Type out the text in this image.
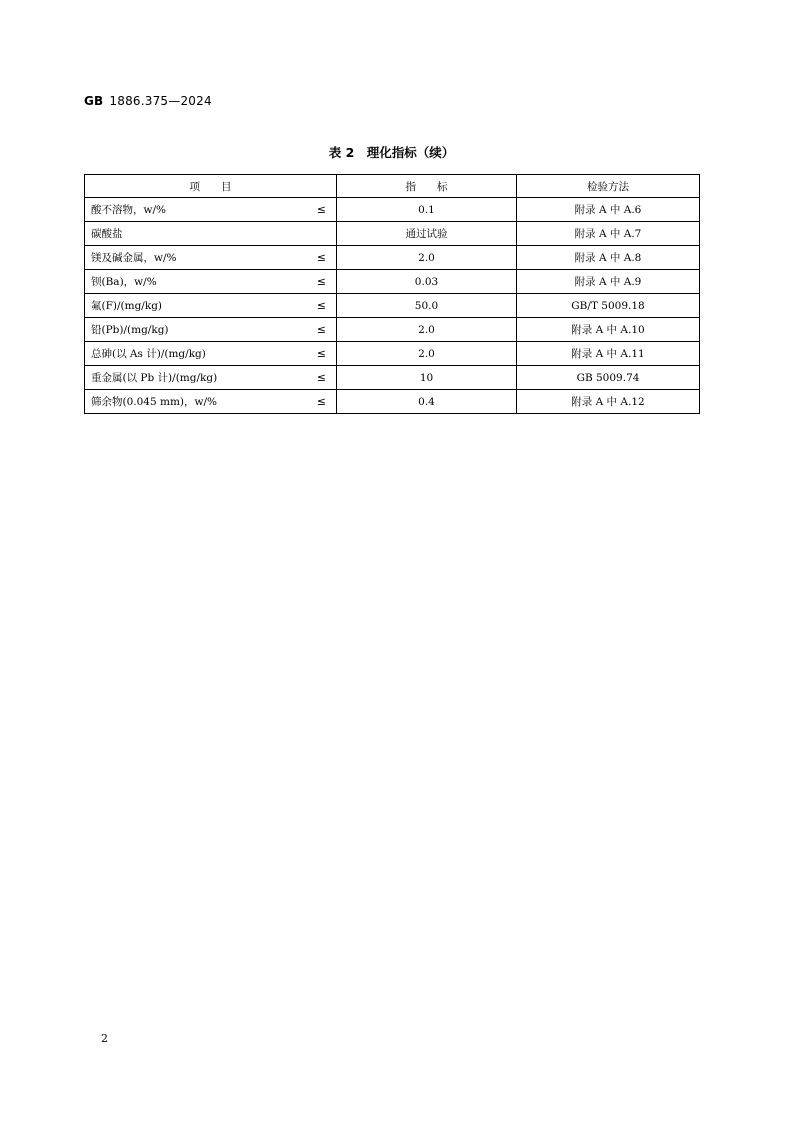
GB 1886.375—2024
表 2　理化指标（续）
项　　目	指　　标	检验方法

酸不溶物，w/% ≤	0.1	附录 A 中 A.6

碳酸盐	通过试验	附录 A 中 A.7

镁及碱金属，w/% ≤	2.0	附录 A 中 A.8

钡(Ba)，w/% ≤	0.03	附录 A 中 A.9

氟(F)/(mg/kg) ≤	50.0	GB/T 5009.18

铅(Pb)/(mg/kg) ≤	2.0	附录 A 中 A.10

总砷(以 As 计)/(mg/kg) ≤	2.0	附录 A 中 A.11

重金属(以 Pb 计)/(mg/kg) ≤	10	GB 5009.74

筛余物(0.045 mm)，w/% ≤	0.4	附录 A 中 A.12
2
